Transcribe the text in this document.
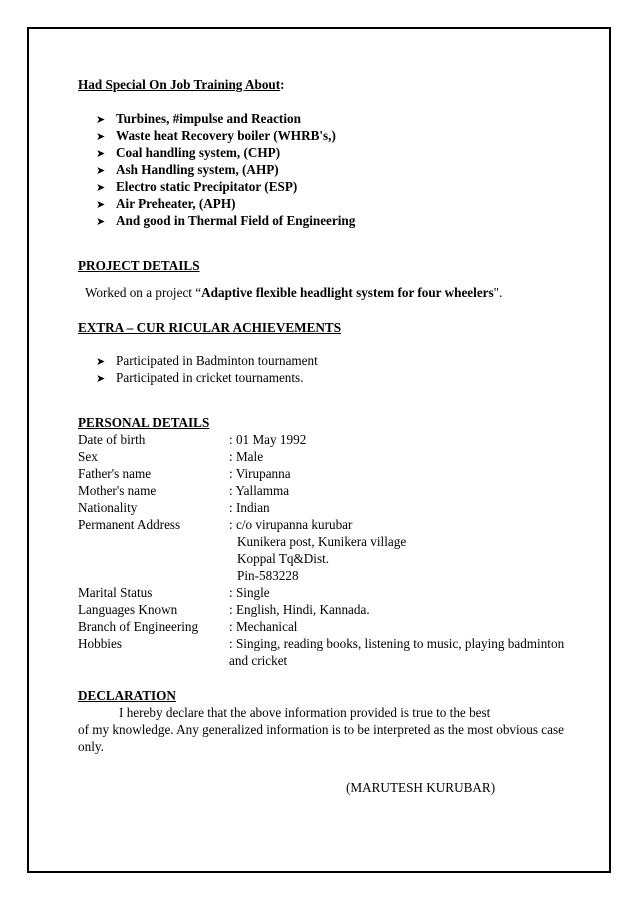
Had Special On Job Training About:
➤ Turbines, #impulse and Reaction
➤ Waste heat Recovery boiler (WHRB's,)
➤ Coal handling system, (CHP)
➤ Ash Handling system, (AHP)
➤ Electro static Precipitator (ESP)
➤ Air Preheater, (APH)
➤ And good in Thermal Field of Engineering
PROJECT DETAILS
Worked on a project “Adaptive flexible headlight system for four wheelers".
EXTRA – CUR RICULAR ACHIEVEMENTS
➤ Participated in Badminton tournament
➤ Participated in cricket tournaments.
PERSONAL DETAILS
Date of birth	: 01 May 1992
Sex	: Male
Father's name	: Virupanna
Mother's name	: Yallamma
Nationality	: Indian
Permanent Address	: c/o virupanna kurubar
Kunikera post, Kunikera village
Koppal Tq&Dist.
Pin-583228
Marital Status	: Single
Languages Known	: English, Hindi, Kannada.
Branch of Engineering : Mechanical
Hobbies	: Singing, reading books, listening to music, playing badminton
and cricket
DECLARATION
I hereby declare that the above information provided is true to the best
of my knowledge. Any generalized information is to be interpreted as the most obvious case
only.
(MARUTESH KURUBAR)
